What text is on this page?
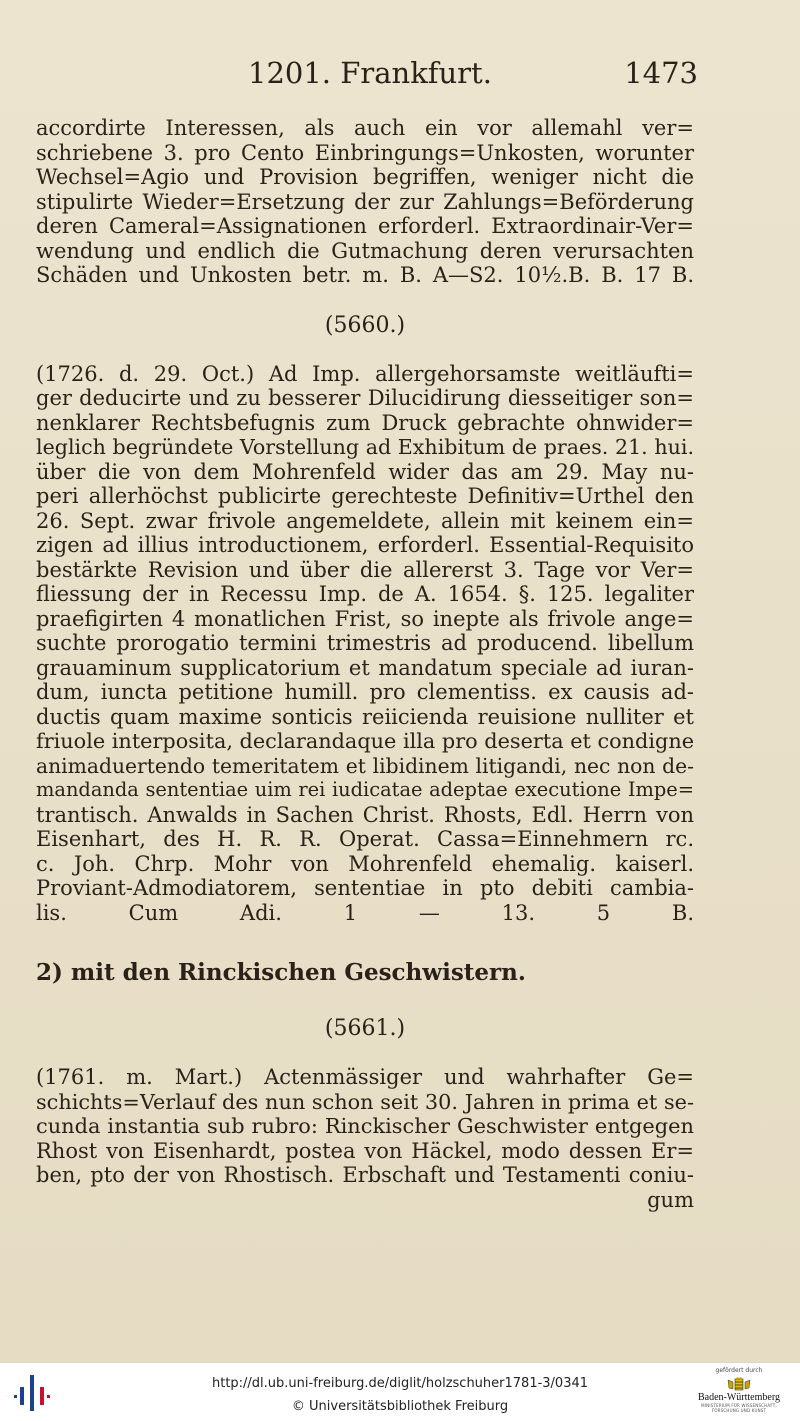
1201. Frankfurt.	1473
accordirte Interessen, als auch ein vor allemahl ver=
schriebene 3. pro Cento Einbringungs=Unkosten, worunter
Wechsel=Agio und Provision begriffen, weniger nicht die
stipulirte Wieder=Ersetzung der zur Zahlungs=Beförderung
deren Cameral=Assignationen erforderl. Extraordinair-Ver=
wendung und endlich die Gutmachung deren verursachten
Schäden und Unkosten betr. m. B. A—S2. 10½.B. B. 17 B.
(5660.)
(1726. d. 29. Oct.) Ad Imp. allergehorsamste weitläufti=
ger deducirte und zu besserer Dilucidirung diesseitiger son=
nenklarer Rechtsbefugnis zum Druck gebrachte ohnwider=
leglich begründete Vorstellung ad Exhibitum de praes. 21. hui.
über die von dem Mohrenfeld wider das am 29. May nu-
peri allerhöchst publicirte gerechteste Definitiv=Urthel den
26. Sept. zwar frivole angemeldete, allein mit keinem ein=
zigen ad illius introductionem, erforderl. Essential-Requisito
bestärkte Revision und über die allererst 3. Tage vor Ver=
fliessung der in Recessu Imp. de A. 1654. §. 125. legaliter
praefigirten 4 monatlichen Frist, so inepte als frivole ange=
suchte prorogatio termini trimestris ad producend. libellum
grauaminum supplicatorium et mandatum speciale ad iuran-
dum, iuncta petitione humill. pro clementiss. ex causis ad-
ductis quam maxime sonticis reiicienda reuisione nulliter et
friuole interposita, declarandaque illa pro deserta et condigne
animaduertendo temeritatem et libidinem litigandi, nec non de-
mandanda sententiae uim rei iudicatae adeptae executione Impe=
trantisch. Anwalds in Sachen Christ. Rhosts, Edl. Herrn von
Eisenhart, des H. R. R. Operat. Cassa=Einnehmern rc.
c. Joh. Chrp. Mohr von Mohrenfeld ehemalig. kaiserl.
Proviant-Admodiatorem, sententiae in pto debiti cambia-
lis. Cum Adi. 1 — 13. 5 B.
2) mit den Rinckischen Geschwistern.
(5661.)
(1761. m. Mart.) Actenmässiger und wahrhafter Ge=
schichts=Verlauf des nun schon seit 30. Jahren in prima et se-
cunda instantia sub rubro: Rinckischer Geschwister entgegen
Rhost von Eisenhardt, postea von Häckel, modo dessen Er=
ben, pto der von Rhostisch. Erbschaft und Testamenti coniu-
gum
http://dl.ub.uni-freiburg.de/diglit/holzschuher1781-3/0341
© Universitätsbibliothek Freiburg
gefördert durch
Baden-Württemberg
MINISTERIUM FÜR WISSENSCHAFT, FORSCHUNG UND KUNST
